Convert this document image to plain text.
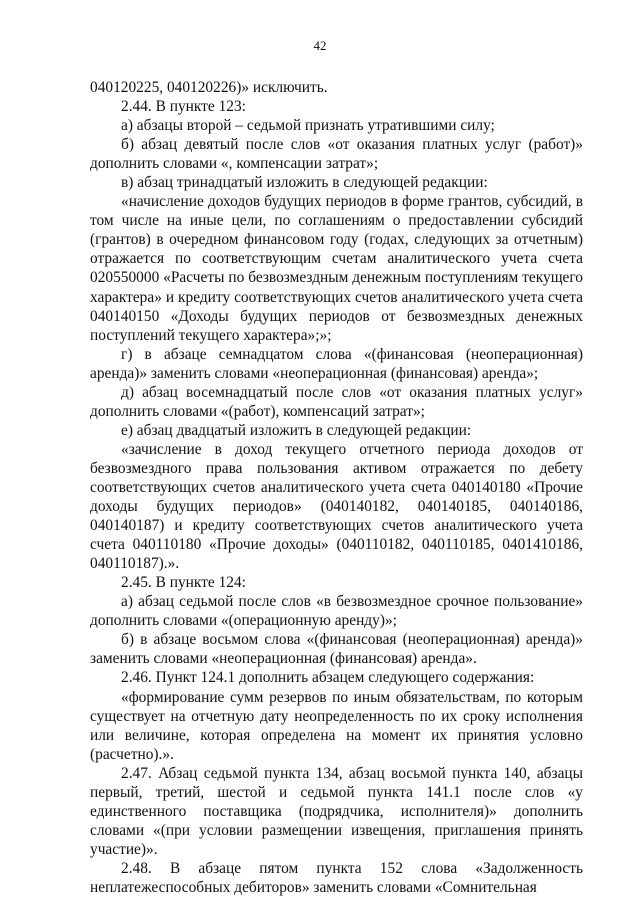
42

040120225, 040120226)» исключить.

2.44. В пункте 123:

а) абзацы второй – седьмой признать утратившими силу;

б) абзац девятый после слов «от оказания платных услуг (работ)» дополнить словами «, компенсации затрат»;

в) абзац тринадцатый изложить в следующей редакции:

«начисление доходов будущих периодов в форме грантов, субсидий, в том числе на иные цели, по соглашениям о предоставлении субсидий (грантов) в очередном финансовом году (годах, следующих за отчетным) отражается по соответствующим счетам аналитического учета счета 020550000 «Расчеты по безвозмездным денежным поступлениям текущего характера» и кредиту соответствующих счетов аналитического учета счета 040140150 «Доходы будущих периодов от безвозмездных денежных поступлений текущего характера»;»;

г) в абзаце семнадцатом слова «(финансовая (неоперационная) аренда)» заменить словами «неоперационная (финансовая) аренда»;

д) абзац восемнадцатый после слов «от оказания платных услуг» дополнить словами «(работ), компенсаций затрат»;

е) абзац двадцатый изложить в следующей редакции:

«зачисление в доход текущего отчетного периода доходов от безвозмездного права пользования активом отражается по дебету соответствующих счетов аналитического учета счета 040140180 «Прочие доходы будущих периодов» (040140182, 040140185, 040140186, 040140187) и кредиту соответствующих счетов аналитического учета счета 040110180 «Прочие доходы» (040110182, 040110185, 0401410186, 040110187).».

2.45. В пункте 124:

а) абзац седьмой после слов «в безвозмездное срочное пользование» дополнить словами «(операционную аренду)»;

б) в абзаце восьмом слова «(финансовая (неоперационная) аренда)» заменить словами «неоперационная (финансовая) аренда».

2.46. Пункт 124.1 дополнить абзацем следующего содержания:

«формирование сумм резервов по иным обязательствам, по которым существует на отчетную дату неопределенность по их сроку исполнения или величине, которая определена на момент их принятия условно (расчетно).».

2.47. Абзац седьмой пункта 134, абзац восьмой пункта 140, абзацы первый, третий, шестой и седьмой пункта 141.1 после слов «у единственного поставщика (подрядчика, исполнителя)» дополнить словами «(при условии размещении извещения, приглашения принять участие)».

2.48. В абзаце пятом пункта 152 слова «Задолженность неплатежеспособных дебиторов» заменить словами «Сомнительная
